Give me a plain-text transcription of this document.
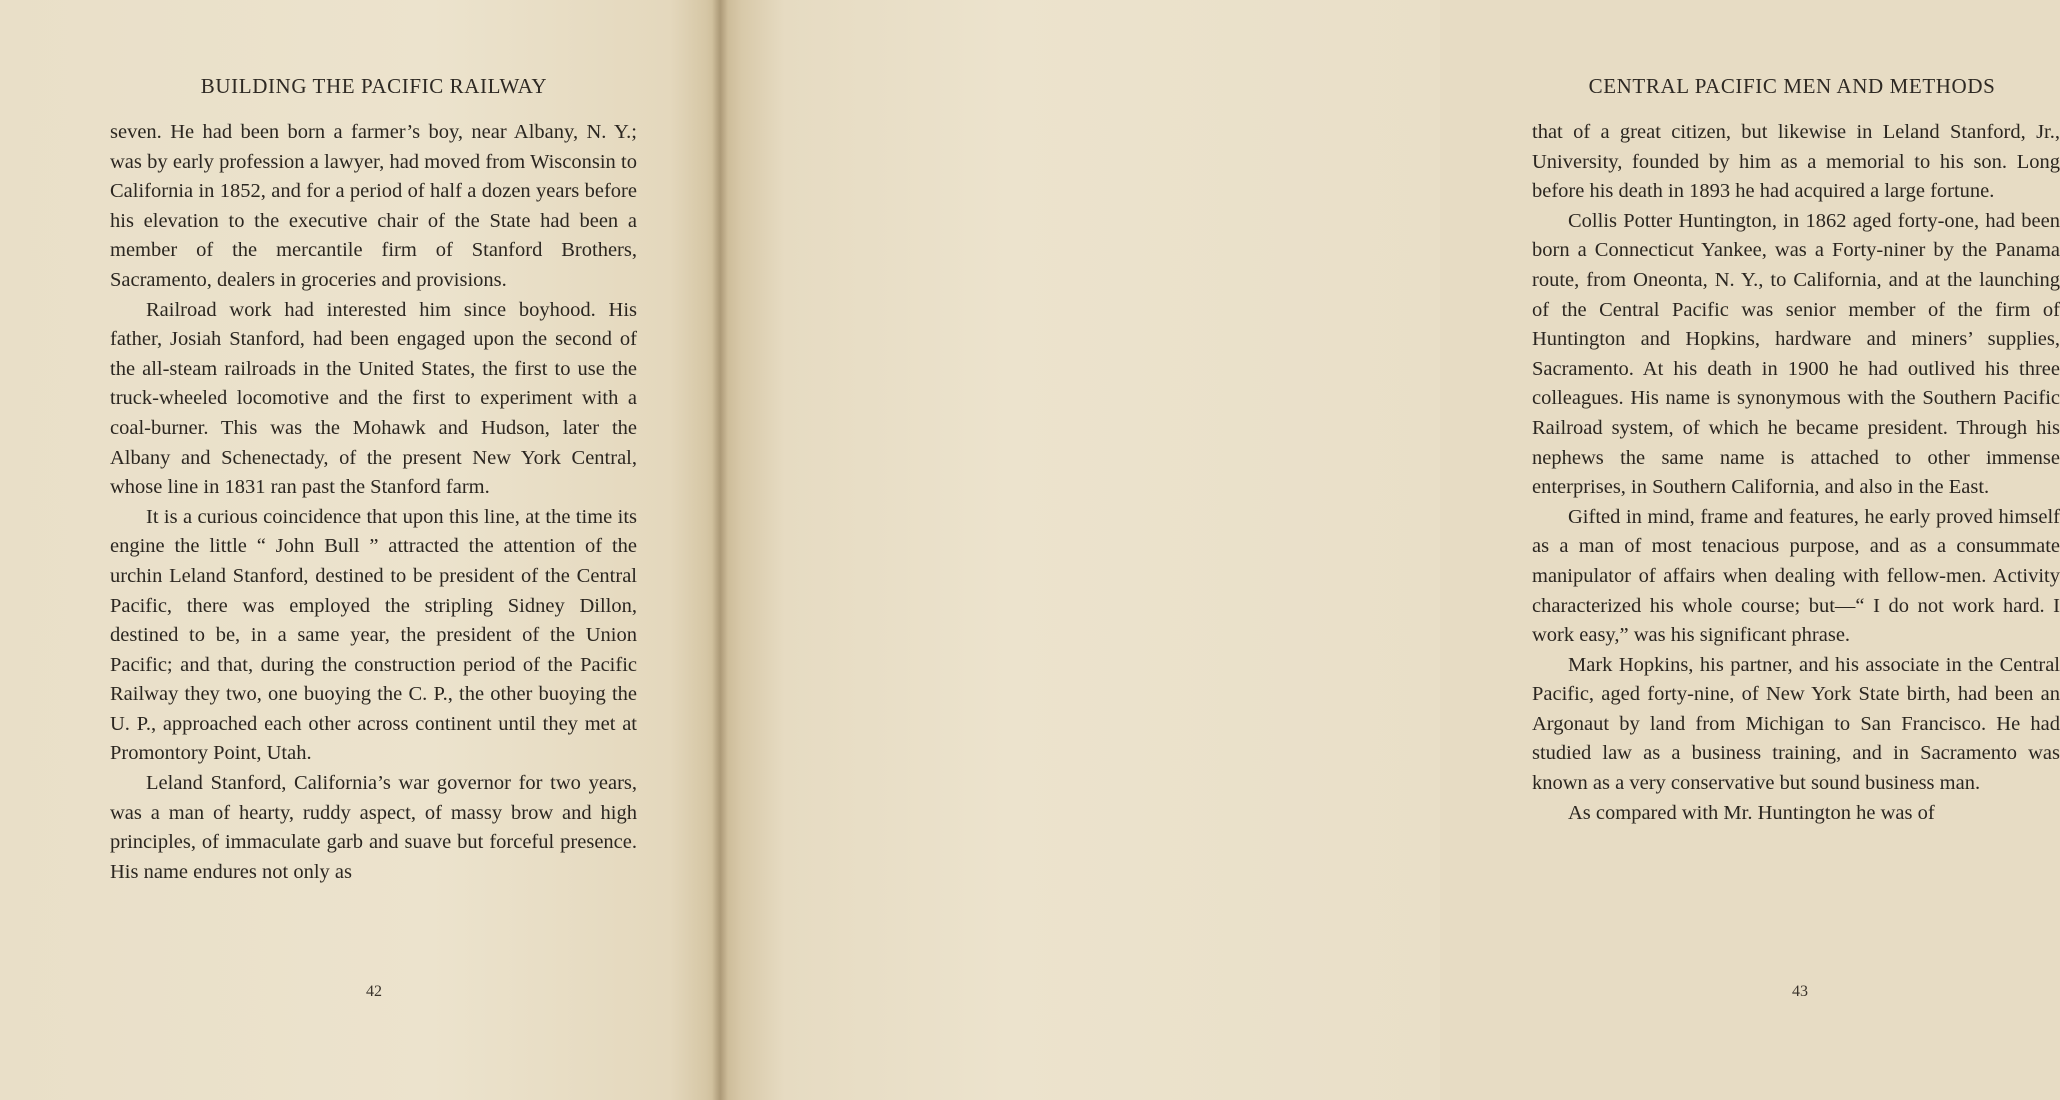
BUILDING THE PACIFIC RAILWAY

seven. He had been born a farmer’s boy, near Albany, N. Y.; was by early profession a lawyer, had moved from Wisconsin to California in 1852, and for a period of half a dozen years before his elevation to the executive chair of the State had been a member of the mercantile firm of Stanford Brothers, Sacramento, dealers in groceries and provisions.

Railroad work had interested him since boyhood. His father, Josiah Stanford, had been engaged upon the second of the all-steam railroads in the United States, the first to use the truck-wheeled locomotive and the first to experiment with a coal-burner. This was the Mohawk and Hudson, later the Albany and Schenectady, of the present New York Central, whose line in 1831 ran past the Stanford farm.

It is a curious coincidence that upon this line, at the time its engine the little “ John Bull ” attracted the attention of the urchin Leland Stanford, destined to be president of the Central Pacific, there was employed the stripling Sidney Dillon, destined to be, in a same year, the president of the Union Pacific; and that, during the construction period of the Pacific Railway they two, one buoying the C. P., the other buoying the U. P., approached each other across continent until they met at Promontory Point, Utah.

Leland Stanford, California’s war governor for two years, was a man of hearty, ruddy aspect, of massy brow and high principles, of immaculate garb and suave but forceful presence. His name endures not only as

42
CENTRAL PACIFIC MEN AND METHODS

that of a great citizen, but likewise in Leland Stanford, Jr., University, founded by him as a memorial to his son. Long before his death in 1893 he had acquired a large fortune.

Collis Potter Huntington, in 1862 aged forty-one, had been born a Connecticut Yankee, was a Forty-niner by the Panama route, from Oneonta, N. Y., to California, and at the launching of the Central Pacific was senior member of the firm of Huntington and Hopkins, hardware and miners’ supplies, Sacramento. At his death in 1900 he had outlived his three colleagues. His name is synonymous with the Southern Pacific Railroad system, of which he became president. Through his nephews the same name is attached to other immense enterprises, in Southern California, and also in the East.

Gifted in mind, frame and features, he early proved himself as a man of most tenacious purpose, and as a consummate manipulator of affairs when dealing with fellow-men. Activity characterized his whole course; but—“ I do not work hard. I work easy,” was his significant phrase.

Mark Hopkins, his partner, and his associate in the Central Pacific, aged forty-nine, of New York State birth, had been an Argonaut by land from Michigan to San Francisco. He had studied law as a business training, and in Sacramento was known as a very conservative but sound business man.

As compared with Mr. Huntington he was of

43
